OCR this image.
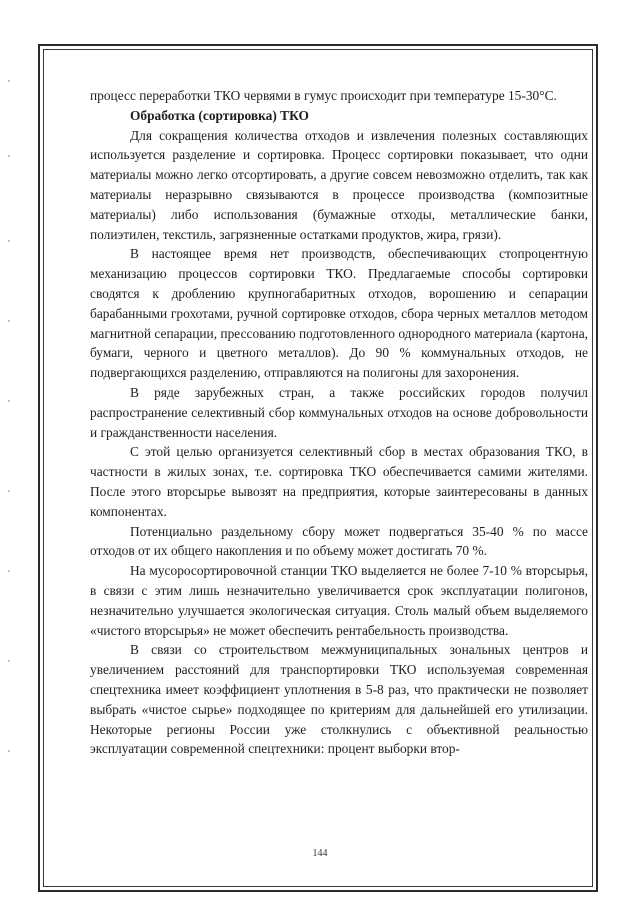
процесс переработки ТКО червями в гумус происходит при температуре 15-30°С.

Обработка (сортировка) ТКО

Для сокращения количества отходов и извлечения полезных составляющих используется разделение и сортировка. Процесс сортировки показывает, что одни материалы можно легко отсортировать, а другие совсем невозможно отделить, так как материалы неразрывно связываются в процессе производства (композитные материалы) либо использования (бумажные отходы, металлические банки, полиэтилен, текстиль, загрязненные остатками продуктов, жира, грязи).

В настоящее время нет производств, обеспечивающих стопроцентную механизацию процессов сортировки ТКО. Предлагаемые способы сортировки сводятся к дроблению крупногабаритных отходов, ворошению и сепарации барабанными грохотами, ручной сортировке отходов, сбора черных металлов методом магнитной сепарации, прессованию подготовленного однородного материала (картона, бумаги, черного и цветного металлов). До 90 % коммунальных отходов, не подвергающихся разделению, отправляются на полигоны для захоронения.

В ряде зарубежных стран, а также российских городов получил распространение селективный сбор коммунальных отходов на основе добровольности и гражданственности населения.

С этой целью организуется селективный сбор в местах образования ТКО, в частности в жилых зонах, т.е. сортировка ТКО обеспечивается самими жителями. После этого вторсырье вывозят на предприятия, которые заинтересованы в данных компонентах.

Потенциально раздельному сбору может подвергаться 35-40 % по массе отходов от их общего накопления и по объему может достигать 70 %.

На мусоросортировочной станции ТКО выделяется не более 7-10 % вторсырья, в связи с этим лишь незначительно увеличивается срок эксплуатации полигонов, незначительно улучшается экологическая ситуация. Столь малый объем выделяемого «чистого вторсырья» не может обеспечить рентабельность производства.

В связи со строительством межмуниципальных зональных центров и увеличением расстояний для транспортировки ТКО используемая современная спецтехника имеет коэффициент уплотнения в 5-8 раз, что практически не позволяет выбрать «чистое сырье» подходящее по критериям для дальнейшей его утилизации. Некоторые регионы России уже столкнулись с объективной реальностью эксплуатации современной спецтехники: процент выборки втор-

144
